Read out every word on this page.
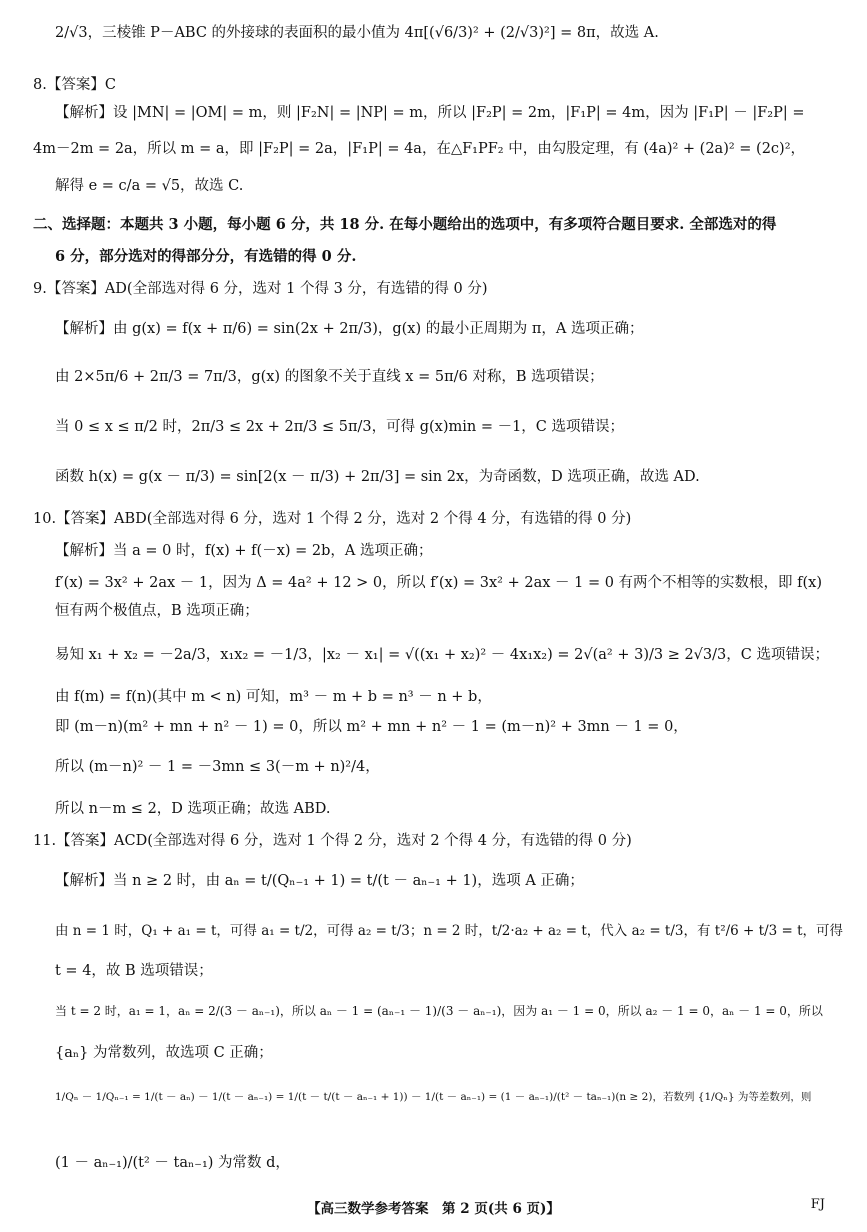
2/√3，三棱锥 P－ABC 的外接球的表面积的最小值为 4π[(√6/3)² + (2/√3)²] = 8π，故选 A.
8.【答案】C
【解析】设 |MN| = |OM| = m，则 |F₂N| = |NP| = m，所以 |F₂P| = 2m，|F₁P| = 4m，因为 |F₁P| － |F₂P| =
4m－2m = 2a，所以 m = a，即 |F₂P| = 2a，|F₁P| = 4a，在△F₁PF₂ 中，由勾股定理，有 (4a)² + (2a)² = (2c)²，
解得 e = c/a = √5，故选 C.
二、选择题：本题共 3 小题，每小题 6 分，共 18 分. 在每小题给出的选项中，有多项符合题目要求. 全部选对的得
6 分，部分选对的得部分分，有选错的得 0 分.
9.【答案】AD(全部选对得 6 分，选对 1 个得 3 分，有选错的得 0 分)
【解析】由 g(x) = f(x + π/6) = sin(2x + 2π/3)，g(x) 的最小正周期为 π，A 选项正确；
由 2×5π/6 + 2π/3 = 7π/3，g(x) 的图象不关于直线 x = 5π/6 对称，B 选项错误；
当 0 ≤ x ≤ π/2 时，2π/3 ≤ 2x + 2π/3 ≤ 5π/3，可得 g(x)min = －1，C 选项错误；
函数 h(x) = g(x － π/3) = sin[2(x － π/3) + 2π/3] = sin 2x，为奇函数，D 选项正确，故选 AD.
10.【答案】ABD(全部选对得 6 分，选对 1 个得 2 分，选对 2 个得 4 分，有选错的得 0 分)
【解析】当 a = 0 时，f(x) + f(－x) = 2b，A 选项正确；
f′(x) = 3x² + 2ax － 1，因为 Δ = 4a² + 12 > 0，所以 f′(x) = 3x² + 2ax － 1 = 0 有两个不相等的实数根，即 f(x)
恒有两个极值点，B 选项正确；
易知 x₁ + x₂ = －2a/3，x₁x₂ = －1/3，|x₂ － x₁| = √((x₁ + x₂)² － 4x₁x₂) = 2√(a² + 3)/3 ≥ 2√3/3，C 选项错误；
由 f(m) = f(n)(其中 m < n) 可知，m³ － m + b = n³ － n + b，
即 (m－n)(m² + mn + n² － 1) = 0，所以 m² + mn + n² － 1 = (m－n)² + 3mn － 1 = 0，
所以 (m－n)² － 1 = －3mn ≤ 3(－m + n)²/4，
所以 n－m ≤ 2，D 选项正确；故选 ABD.
11.【答案】ACD(全部选对得 6 分，选对 1 个得 2 分，选对 2 个得 4 分，有选错的得 0 分)
【解析】当 n ≥ 2 时，由 aₙ = t/(Qₙ₋₁ + 1) = t/(t － aₙ₋₁ + 1)，选项 A 正确；
由 n = 1 时，Q₁ + a₁ = t，可得 a₁ = t/2，可得 a₂ = t/3；n = 2 时，t/2·a₂ + a₂ = t，代入 a₂ = t/3，有 t²/6 + t/3 = t，可得
t = 4，故 B 选项错误；
当 t = 2 时，a₁ = 1，aₙ = 2/(3 － aₙ₋₁)，所以 aₙ － 1 = (aₙ₋₁ － 1)/(3 － aₙ₋₁)，因为 a₁ － 1 = 0，所以 a₂ － 1 = 0，aₙ － 1 = 0，所以
{aₙ} 为常数列，故选项 C 正确；
1/Qₙ － 1/Qₙ₋₁ = 1/(t － aₙ) － 1/(t － aₙ₋₁) = 1/(t － t/(t － aₙ₋₁ + 1)) － 1/(t － aₙ₋₁) = (1 － aₙ₋₁)/(t² － taₙ₋₁)(n ≥ 2)，若数列 {1/Qₙ} 为等差数列，则
(1 － aₙ₋₁)/(t² － taₙ₋₁) 为常数 d，
【高三数学参考答案　第 2 页(共 6 页)】	FJ
